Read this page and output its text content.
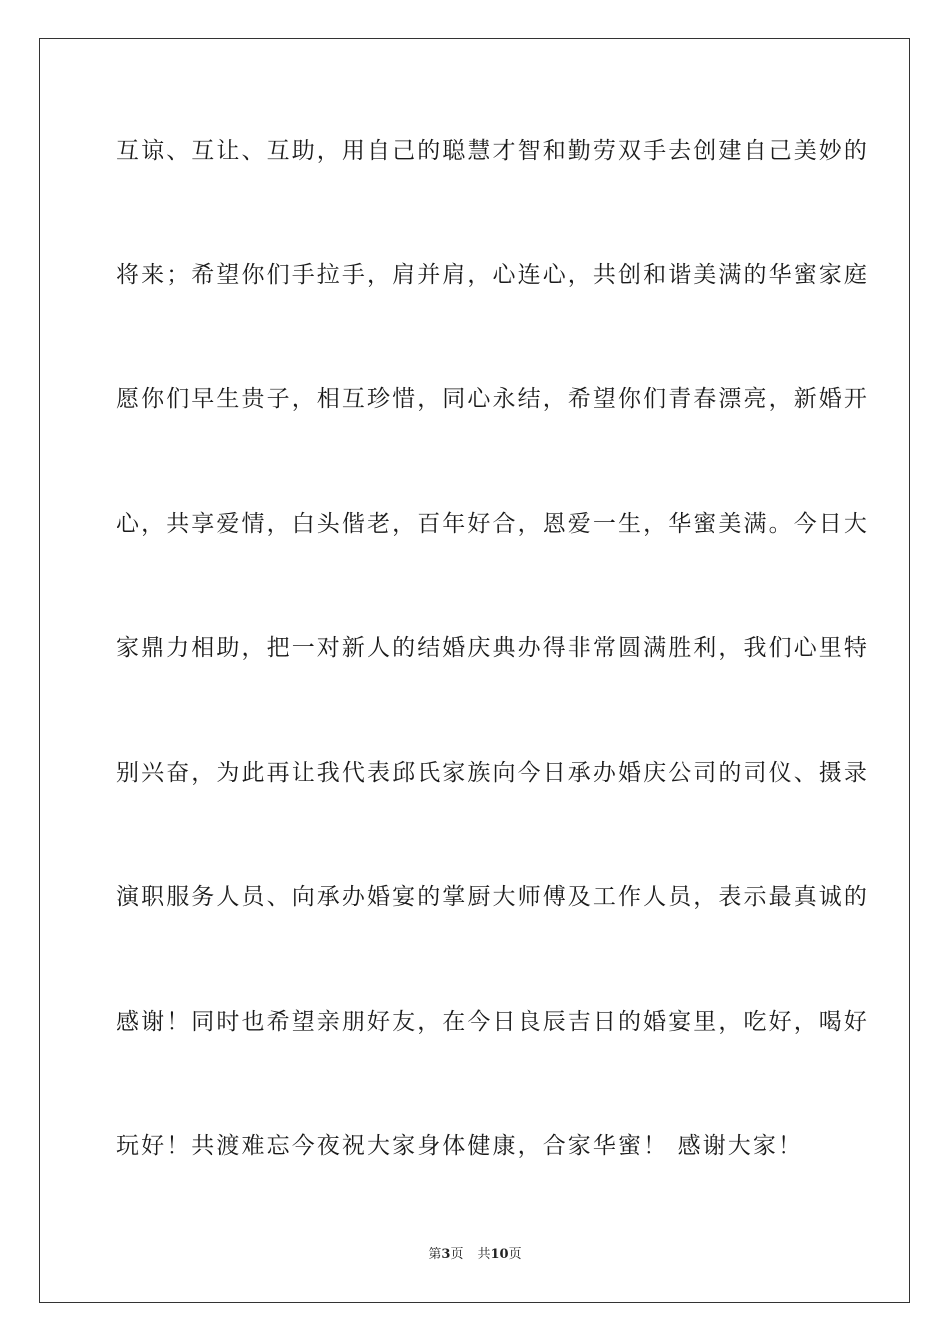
互谅、互让、互助，用自己的聪慧才智和勤劳双手去创建自己美妙的

将来；希望你们手拉手，肩并肩，心连心，共创和谐美满的华蜜家庭

愿你们早生贵子，相互珍惜，同心永结，希望你们青春漂亮，新婚开

心，共享爱情，白头偕老，百年好合，恩爱一生，华蜜美满。今日大

家鼎力相助，把一对新人的结婚庆典办得非常圆满胜利，我们心里特

别兴奋，为此再让我代表邱氏家族向今日承办婚庆公司的司仪、摄录

演职服务人员、向承办婚宴的掌厨大师傅及工作人员，表示最真诚的

感谢！同时也希望亲朋好友，在今日良辰吉日的婚宴里，吃好，喝好

玩好！共渡难忘今夜祝大家身体健康，合家华蜜！ 感谢大家！

第3页 共10页
